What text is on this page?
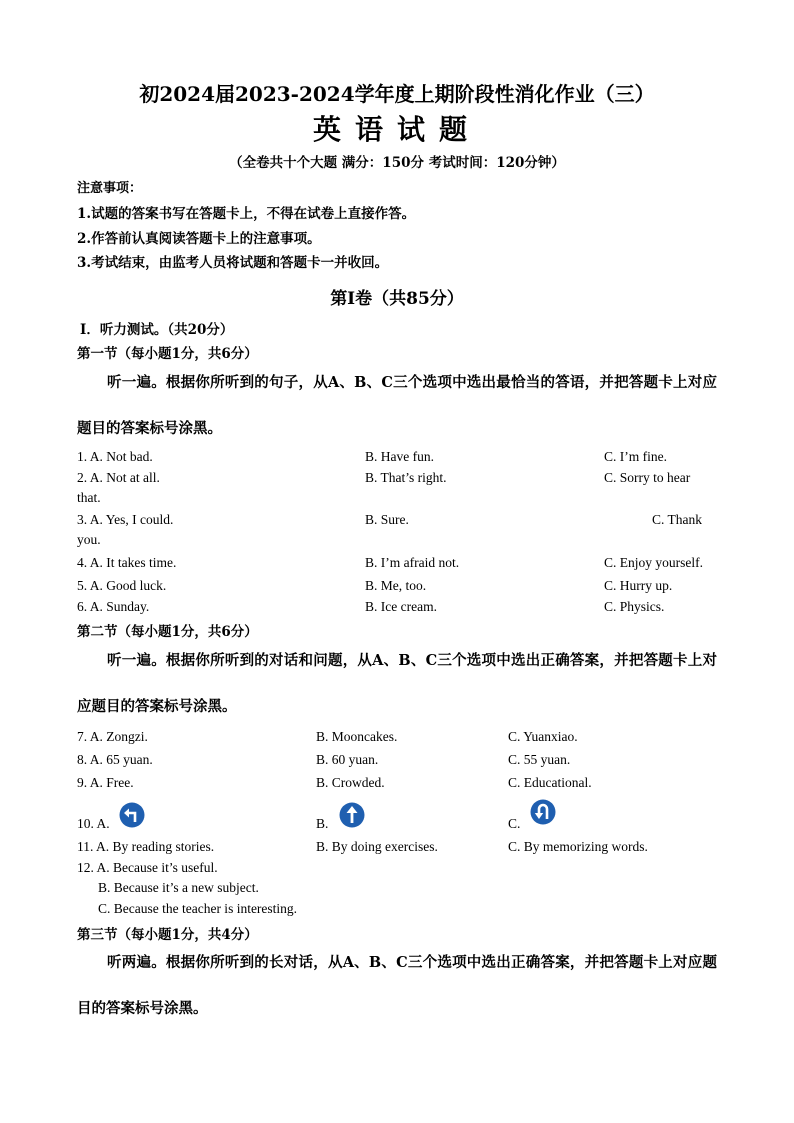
初2024届2023-2024学年度上期阶段性消化作业（三）
英语试题
（全卷共十个大题 满分：150分 考试时间：120分钟）
注意事项：
1.试题的答案书写在答题卡上，不得在试卷上直接作答。
2.作答前认真阅读答题卡上的注意事项。
3.考试结束，由监考人员将试题和答题卡一并收回。
第Ⅰ卷（共85分）
Ⅰ．听力测试。（共20分）
第一节（每小题1分，共6分）
听一遍。根据你所听到的句子，从A、B、C三个选项中选出最恰当的答语，并把答题卡上对应题目的答案标号涂黑。
1. A. Not bad.	B. Have fun.	C. I’m fine.
2. A. Not at all.	B. That’s right.	C. Sorry to hear
that.
3. A. Yes, I could.	B. Sure.	C. Thank
you.
4. A. It takes time.	B. I’m afraid not.	C. Enjoy yourself.
5. A. Good luck.	B. Me, too.	C. Hurry up.
6. A. Sunday.	B. Ice cream.	C. Physics.
第二节（每小题1分，共6分）
听一遍。根据你所听到的对话和问题，从A、B、C三个选项中选出正确答案，并把答题卡上对应题目的答案标号涂黑。
7. A. Zongzi.	B. Mooncakes.	C. Yuanxiao.
8. A. 65 yuan.	B. 60 yuan.	C. 55 yuan.
9. A. Free.	B. Crowded.	C. Educational.
10. A.	B.	C.
11. A. By reading stories.	B. By doing exercises.	C. By memorizing words.
12. A. Because it’s useful.
B. Because it’s a new subject.
C. Because the teacher is interesting.
第三节（每小题1分，共4分）
听两遍。根据你所听到的长对话，从A、B、C三个选项中选出正确答案，并把答题卡上对应题目的答案标号涂黑。
